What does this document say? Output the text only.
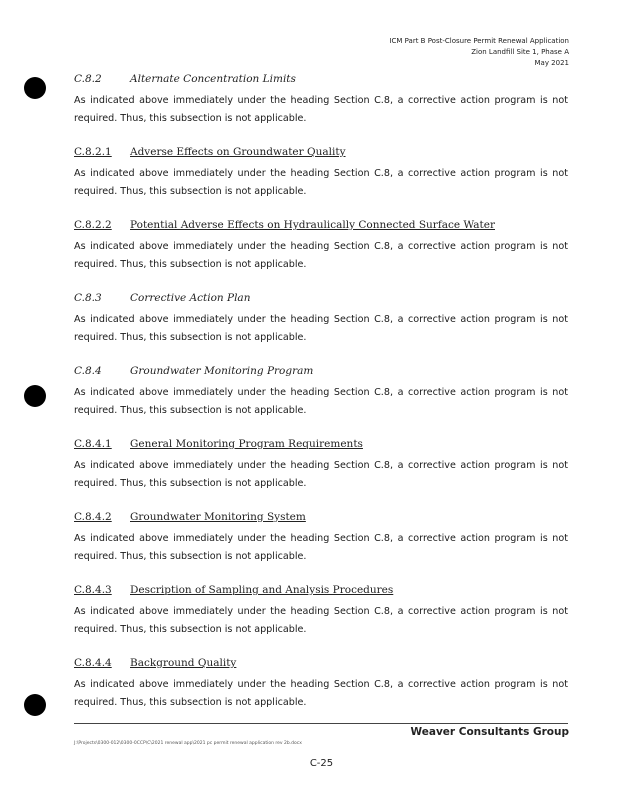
ICM Part B Post-Closure Permit Renewal Application
Zion Landfill Site 1, Phase A
May 2021
C.8.2	Alternate Concentration Limits

As indicated above immediately under the heading Section C.8, a corrective action program is not required. Thus, this subsection is not applicable.

C.8.2.1 Adverse Effects on Groundwater Quality

As indicated above immediately under the heading Section C.8, a corrective action program is not required. Thus, this subsection is not applicable.

C.8.2.2 Potential Adverse Effects on Hydraulically Connected Surface Water

As indicated above immediately under the heading Section C.8, a corrective action program is not required. Thus, this subsection is not applicable.

C.8.3	Corrective Action Plan

As indicated above immediately under the heading Section C.8, a corrective action program is not required. Thus, this subsection is not applicable.

C.8.4	Groundwater Monitoring Program

As indicated above immediately under the heading Section C.8, a corrective action program is not required. Thus, this subsection is not applicable.

C.8.4.1 General Monitoring Program Requirements

As indicated above immediately under the heading Section C.8, a corrective action program is not required. Thus, this subsection is not applicable.

C.8.4.2 Groundwater Monitoring System

As indicated above immediately under the heading Section C.8, a corrective action program is not required. Thus, this subsection is not applicable.

C.8.4.3 Description of Sampling and Analysis Procedures

As indicated above immediately under the heading Section C.8, a corrective action program is not required. Thus, this subsection is not applicable.

C.8.4.4 Background Quality

As indicated above immediately under the heading Section C.8, a corrective action program is not required. Thus, this subsection is not applicable.

Weaver Consultants Group
J:\Projects\0300-012\0300-0CCP\C\2021 renewal app\2021 pc permit renewal application rev 2b.docx
C-25
